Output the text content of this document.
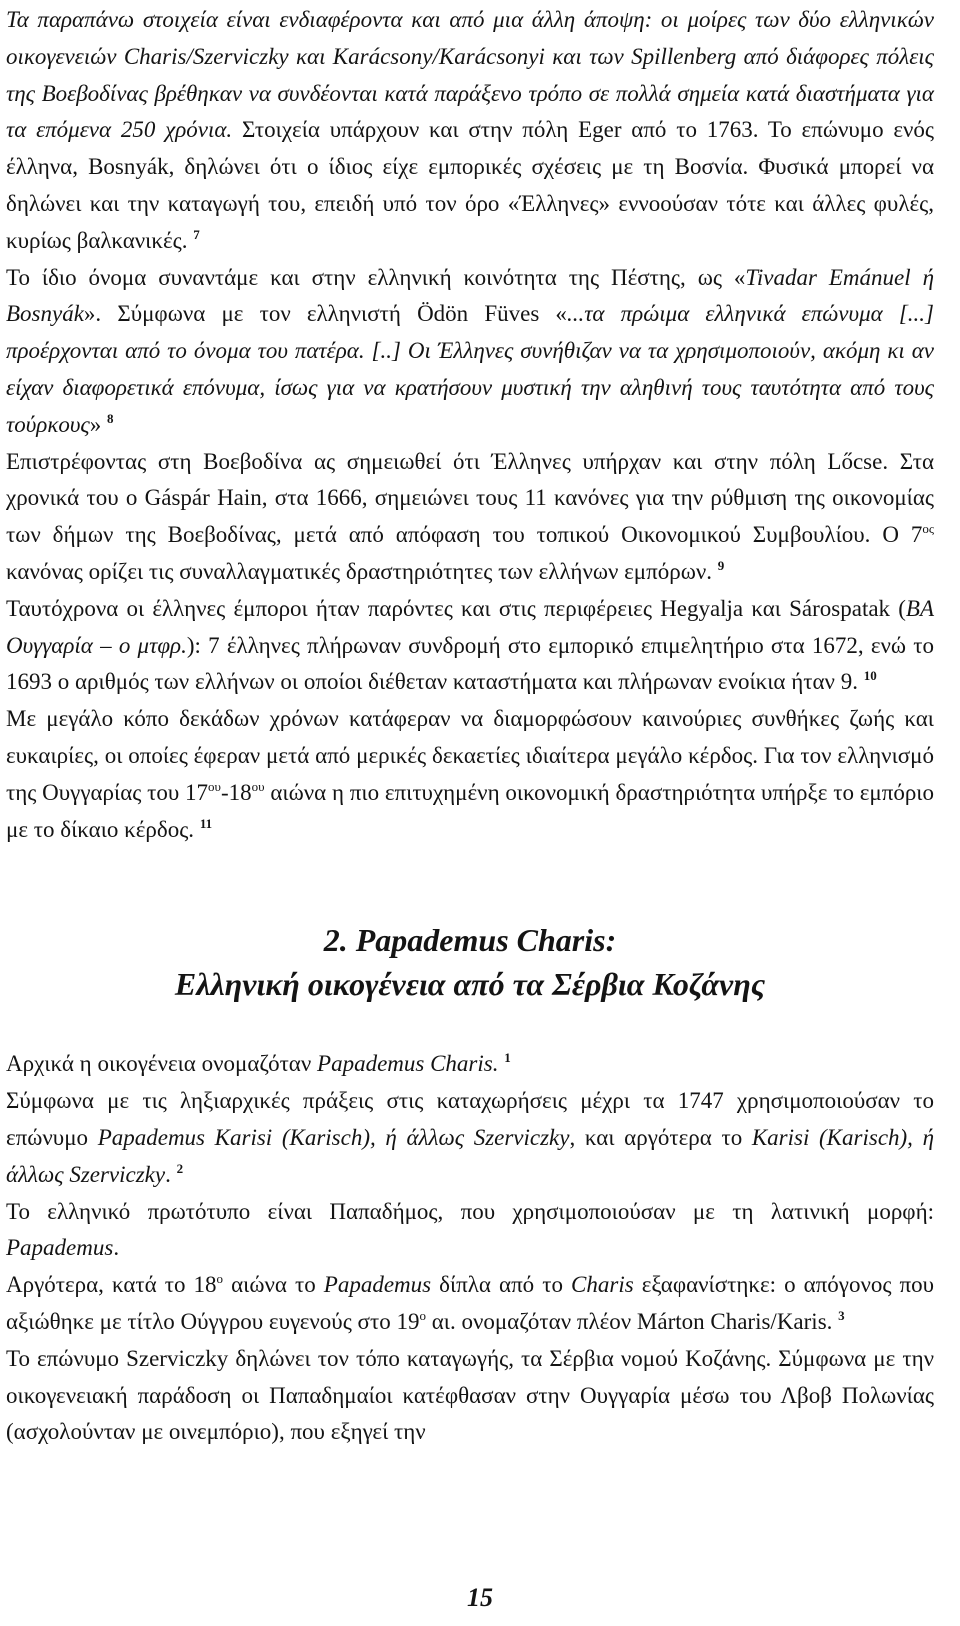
Τα παραπάνω στοιχεία είναι ενδιαφέροντα και από μια άλλη άποψη: οι μοίρες των δύο ελληνικών οικογενειών Charis/Szerviczky και Karácsony/Karácsonyi και των Spillenberg από διάφορες πόλεις της Βοεβοδίνας βρέθηκαν να συνδέονται κατά παράξενο τρόπο σε πολλά σημεία κατά διαστήματα για τα επόμενα 250 χρόνια. Στοιχεία υπάρχουν και στην πόλη Eger από το 1763. Το επώνυμο ενός έλληνα, Bosnyák, δηλώνει ότι ο ίδιος είχε εμπορικές σχέσεις με τη Βοσνία. Φυσικά μπορεί να δηλώνει και την καταγωγή του, επειδή υπό τον όρο «Έλληνες» εννοούσαν τότε και άλλες φυλές, κυρίως βαλκανικές. $^7$

Το ίδιο όνομα συναντάμε και στην ελληνική κοινότητα της Πέστης, ως «Tivadar Emánuel ή Bosnyák». Σύμφωνα με τον ελληνιστή Ödön Füves «...τα πρώιμα ελληνικά επώνυμα [...] προέρχονται από το όνομα του πατέρα. [..] Οι Έλληνες συνήθιζαν να τα χρησιμοποιούν, ακόμη κι αν είχαν διαφορετικά επόνυμα, ίσως για να κρατήσουν μυστική την αληθινή τους ταυτότητα από τους τούρκους» $^8$

Επιστρέφοντας στη Βοεβοδίνα ας σημειωθεί ότι Έλληνες υπήρχαν και στην πόλη Lőcse. Στα χρονικά του ο Gáspár Hain, στα 1666, σημειώνει τους 11 κανόνες για την ρύθμιση της οικονομίας των δήμων της Βοεβοδίνας, μετά από απόφαση του τοπικού Οικονομικού Συμβουλίου. Ο $7^{o\varsigma}$ κανόνας ορίζει τις συναλλαγματικές δραστηριότητες των ελλήνων εμπόρων. $^9$

Ταυτόχρονα οι έλληνες έμποροι ήταν παρόντες και στις περιφέρειες Hegyalja και Sárospatak (ΒΑ Ουγγαρία – ο μτφρ.): 7 έλληνες πλήρωναν συνδρομή στο εμπορικό επιμελητήριο στα 1672, ενώ το 1693 ο αριθμός των ελλήνων οι οποίοι διέθεταν καταστήματα και πλήρωναν ενοίκια ήταν 9. $^{10}$

Με μεγάλο κόπο δεκάδων χρόνων κατάφεραν να διαμορφώσουν καινούριες συνθήκες ζωής και ευκαιρίες, οι οποίες έφεραν μετά από μερικές δεκαετίες ιδιαίτερα μεγάλο κέρδος. Για τον ελληνισμό της Ουγγαρίας του $17^{o\upsilon}-18^{o\upsilon}$ αιώνα η πιο επιτυχημένη οικονομική δραστηριότητα υπήρξε το εμπόριο με το δίκαιο κέρδος. $^{11}$

2. Papademus Charis:
Ελληνική οικογένεια από τα Σέρβια Κοζάνης

Αρχικά η οικογένεια ονομαζόταν Papademus Charis. $^1$

Σύμφωνα με τις ληξιαρχικές πράξεις στις καταχωρήσεις μέχρι τα 1747 χρησιμοποιούσαν το επώνυμο Papademus Karisi (Karisch), ή άλλως Szerviczky, και αργότερα το Karisi (Karisch), ή άλλως Szerviczky. $^2$

Το ελληνικό πρωτότυπο είναι Παπαδήμος, που χρησιμοποιούσαν με τη λατινική μορφή: Papademus.

Αργότερα, κατά το $18^o$ αιώνα το Papademus δίπλα από το Charis εξαφανίστηκε: ο απόγονος που αξιώθηκε με τίτλο Ούγγρου ευγενούς στο $19^o$ αι. ονομαζόταν πλέον Márton Charis/Karis. $^3$

Το επώνυμο Szerviczky δηλώνει τον τόπο καταγωγής, τα Σέρβια νομού Κοζάνης. Σύμφωνα με την οικογενειακή παράδοση οι Παπαδημαίοι κατέφθασαν στην Ουγγαρία μέσω του Λβοβ Πολωνίας (ασχολούνταν με οινεμπόριο), που εξηγεί την

15
